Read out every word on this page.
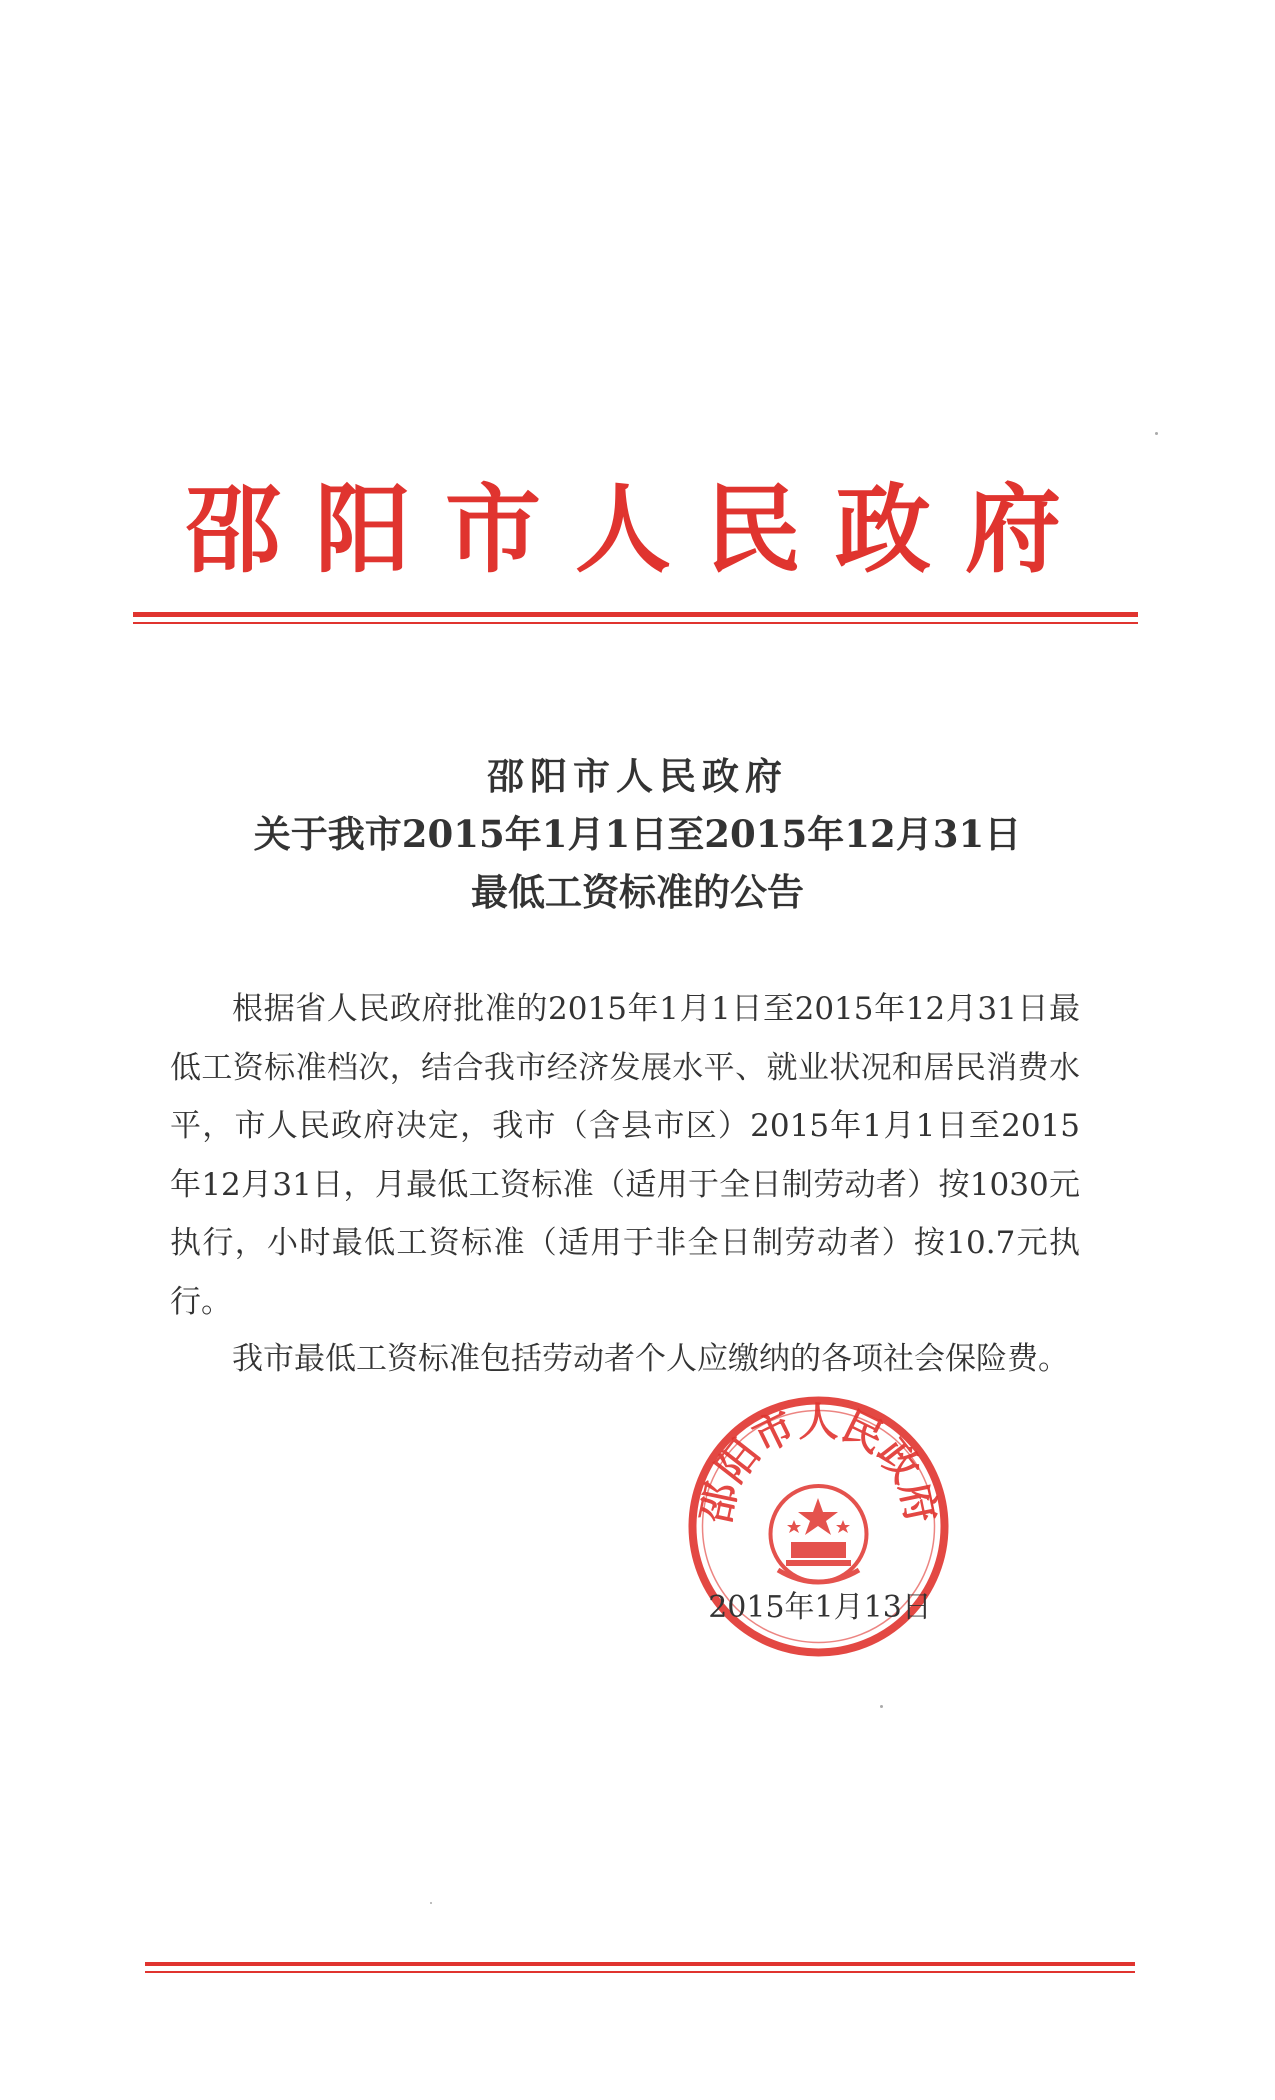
邵阳市人民政府
邵阳市人民政府
关于我市2015年1月1日至2015年12月31日
最低工资标准的公告

根据省人民政府批准的2015年1月1日至2015年12月31日最低工资标准档次，结合我市经济发展水平、就业状况和居民消费水平，市人民政府决定，我市（含县市区）2015年1月1日至2015年12月31日，月最低工资标准（适用于全日制劳动者）按1030元执行，小时最低工资标准（适用于非全日制劳动者）按10.7元执行。

我市最低工资标准包括劳动者个人应缴纳的各项社会保险费。

邵阳市人民政府
2015年1月13日
